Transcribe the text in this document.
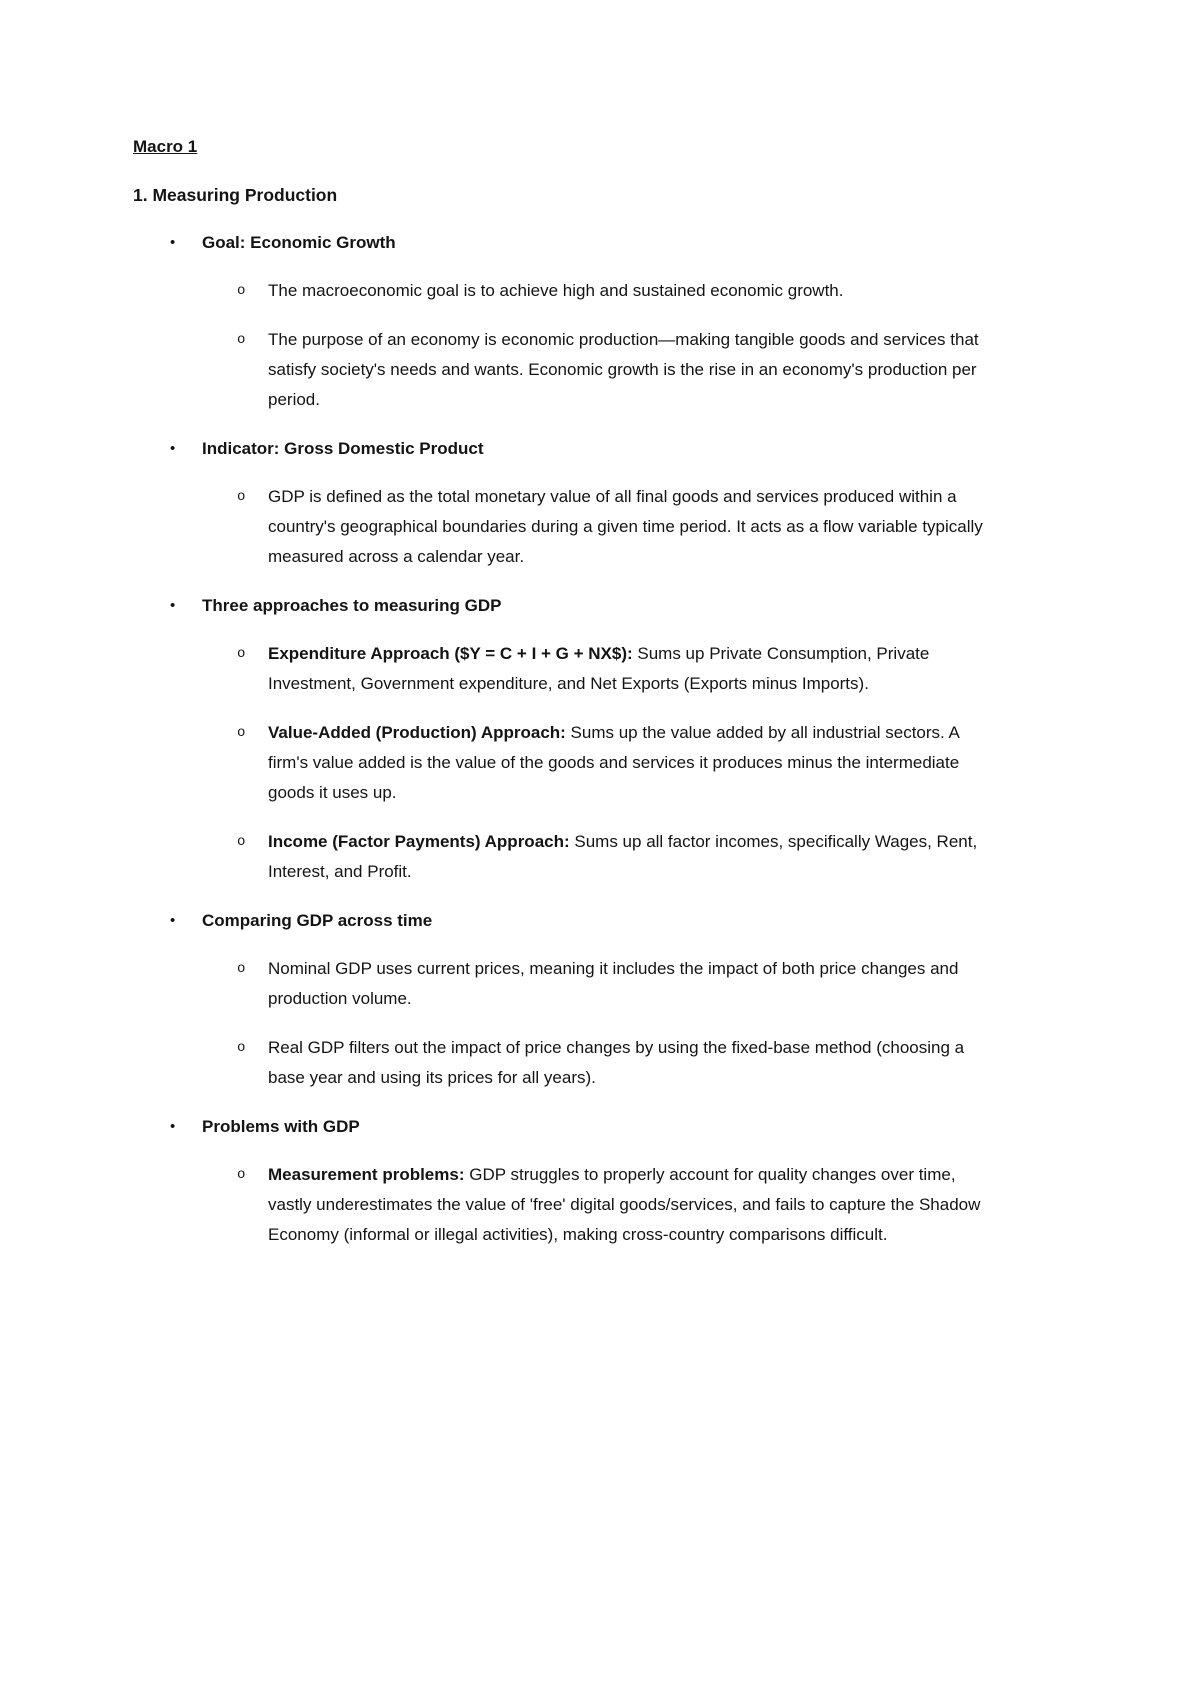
Macro 1

1. Measuring Production

•	Goal: Economic Growth
o	The macroeconomic goal is to achieve high and sustained economic growth.
o	The purpose of an economy is economic production—making tangible goods and services that satisfy society's needs and wants. Economic growth is the rise in an economy's production per period.
•	Indicator: Gross Domestic Product
o	GDP is defined as the total monetary value of all final goods and services produced within a country's geographical boundaries during a given time period. It acts as a flow variable typically measured across a calendar year.
•	Three approaches to measuring GDP
o	Expenditure Approach ($Y = C + I + G + NX$): Sums up Private Consumption, Private Investment, Government expenditure, and Net Exports (Exports minus Imports).
o	Value-Added (Production) Approach: Sums up the value added by all industrial sectors. A firm's value added is the value of the goods and services it produces minus the intermediate goods it uses up.
o	Income (Factor Payments) Approach: Sums up all factor incomes, specifically Wages, Rent, Interest, and Profit.
•	Comparing GDP across time
o	Nominal GDP uses current prices, meaning it includes the impact of both price changes and production volume.
o	Real GDP filters out the impact of price changes by using the fixed-base method (choosing a base year and using its prices for all years).
•	Problems with GDP
o	Measurement problems: GDP struggles to properly account for quality changes over time, vastly underestimates the value of 'free' digital goods/services, and fails to capture the Shadow Economy (informal or illegal activities), making cross-country comparisons difficult.
